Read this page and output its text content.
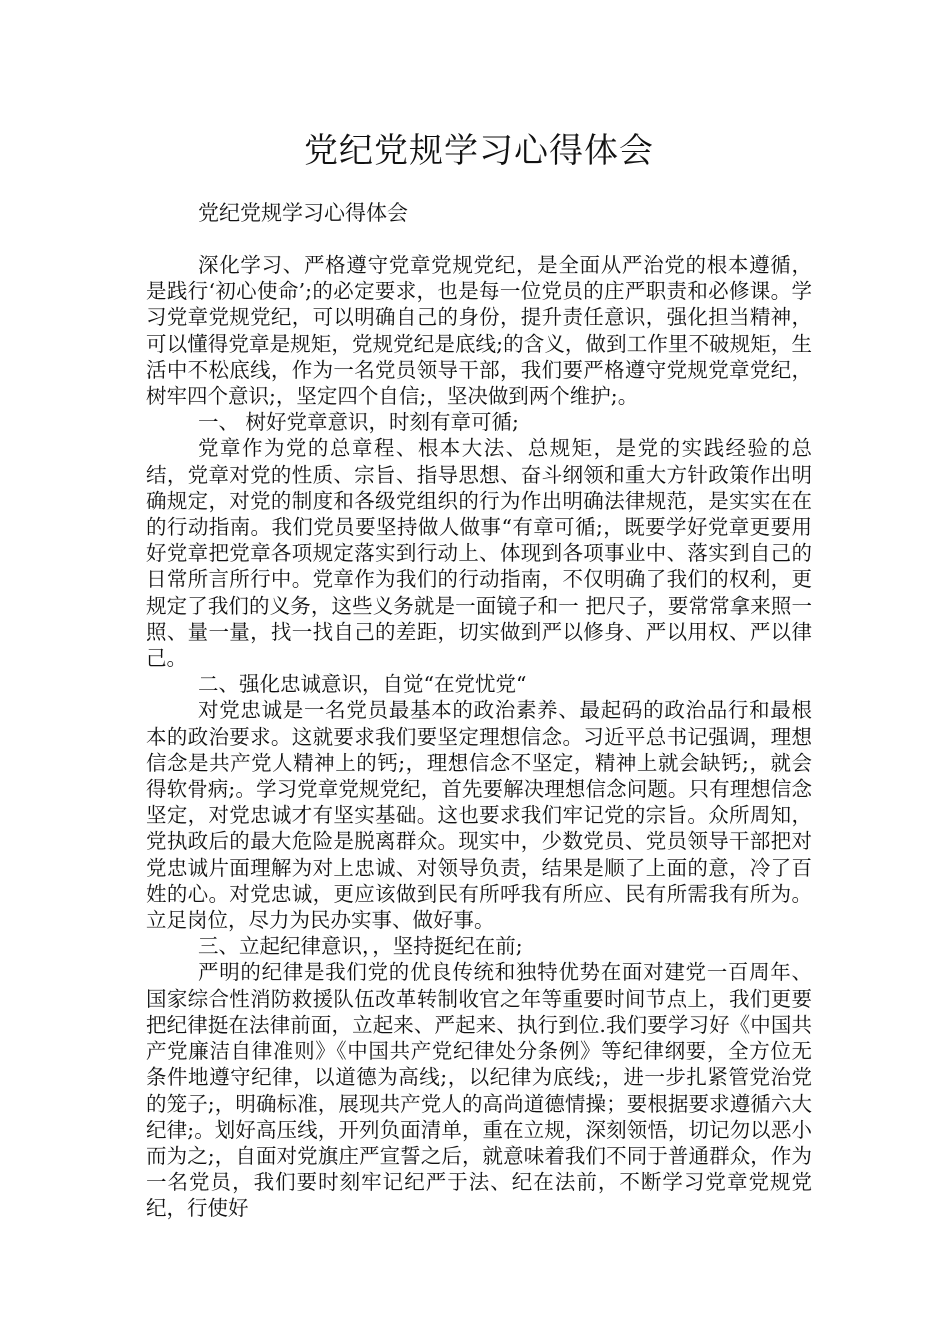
党纪党规学习心得体会

党纪党规学习心得体会

深化学习、严格遵守党章党规党纪，是全面从严治党的根本遵循，是践行‘初心使命’;的必定要求，也是每一位党员的庄严职责和必修课。学习党章党规党纪，可以明确自己的身份，提升责任意识，强化担当精神，可以懂得党章是规矩，党规党纪是底线;的含义，做到工作里不破规矩，生活中不松底线，作为一名党员领导干部，我们要严格遵守党规党章党纪，树牢四个意识;，坚定四个自信;，坚决做到两个维护;。

一、 树好党章意识，时刻有章可循;

党章作为党的总章程、根本大法、总规矩，是党的实践经验的总结，党章对党的性质、宗旨、指导思想、奋斗纲领和重大方针政策作出明确规定，对党的制度和各级党组织的行为作出明确法律规范，是实实在在的行动指南。我们党员要坚持做人做事“有章可循;，既要学好党章更要用好党章把党章各项规定落实到行动上、体现到各项事业中、落实到自己的日常所言所行中。党章作为我们的行动指南，不仅明确了我们的权利，更规定了我们的义务，这些义务就是一面镜子和一 把尺子，要常常拿来照一照、量一量，找一找自己的差距，切实做到严以修身、严以用权、严以律己。

二、强化忠诚意识，自觉“在党忧党“

对党忠诚是一名党员最基本的政治素养、最起码的政治品行和最根本的政治要求。这就要求我们要坚定理想信念。习近平总书记强调，理想信念是共产党人精神上的钙;，理想信念不坚定，精神上就会缺钙;，就会得软骨病;。学习党章党规党纪，首先要解决理想信念问题。只有理想信念坚定，对党忠诚才有坚实基础。这也要求我们牢记党的宗旨。众所周知，党执政后的最大危险是脱离群众。现实中，少数党员、党员领导干部把对党忠诚片面理解为对上忠诚、对领导负责，结果是顺了上面的意，冷了百姓的心。对党忠诚，更应该做到民有所呼我有所应、民有所需我有所为。立足岗位，尽力为民办实事、做好事。

三、立起纪律意识，，坚持挺纪在前;

严明的纪律是我们党的优良传统和独特优势在面对建党一百周年、国家综合性消防救援队伍改革转制收官之年等重要时间节点上，我们更要把纪律挺在法律前面，立起来、严起来、执行到位.我们要学习好《中国共产党廉洁自律准则》《中国共产党纪律处分条例》等纪律纲要，全方位无条件地遵守纪律，以道德为高线;，以纪律为底线;，进一步扎紧管党治党的笼子;，明确标准，展现共产党人的高尚道德情操；要根据要求遵循六大纪律;。划好高压线，开列负面清单，重在立规，深刻领悟，切记勿以恶小而为之;，自面对党旗庄严宣誓之后，就意味着我们不同于普通群众，作为一名党员，我们要时刻牢记纪严于法、纪在法前，不断学习党章党规党纪，行使好
